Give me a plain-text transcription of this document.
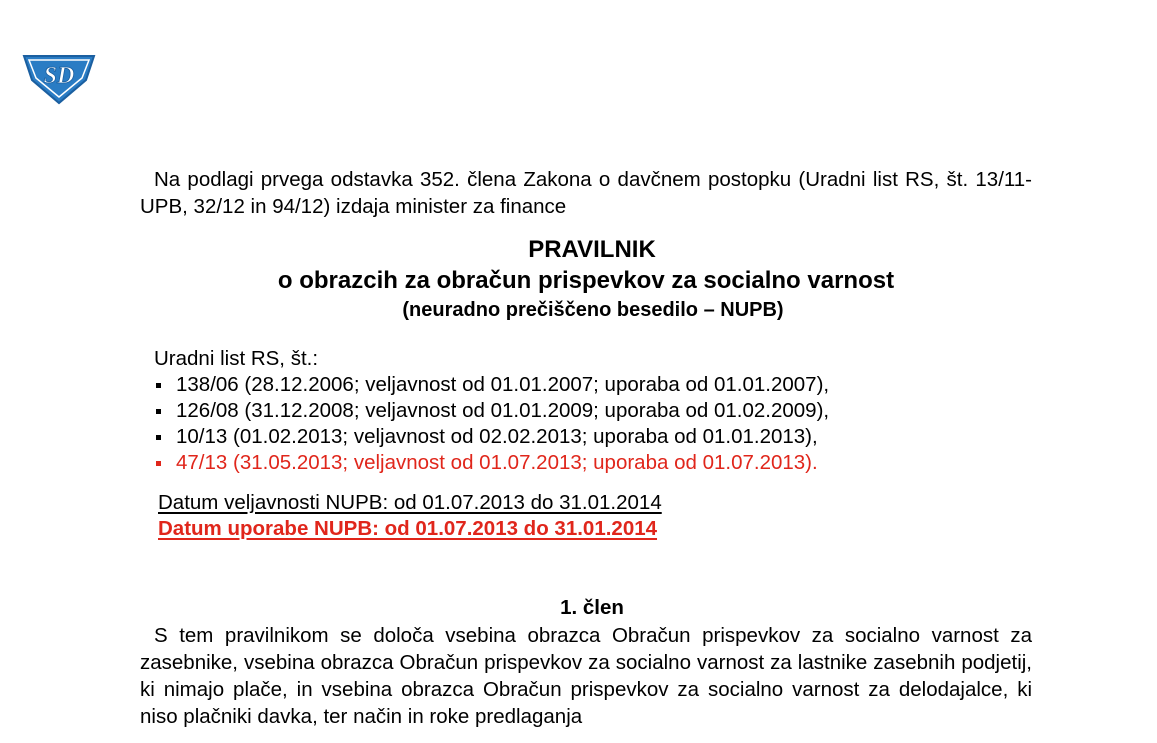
SD

Na podlagi prvega odstavka 352. člena Zakona o davčnem postopku (Uradni list RS, št. 13/11-UPB, 32/12 in 94/12) izdaja minister za finance

PRAVILNIK
o obrazcih za obračun prispevkov za socialno varnost
(neuradno prečiščeno besedilo – NUPB)
Uradni list RS, št.:
138/06 (28.12.2006; veljavnost od 01.01.2007; uporaba od 01.01.2007),
126/08 (31.12.2008; veljavnost od 01.01.2009; uporaba od 01.02.2009),
10/13 (01.02.2013; veljavnost od 02.02.2013; uporaba od 01.01.2013),
47/13 (31.05.2013; veljavnost od 01.07.2013; uporaba od 01.07.2013).
Datum veljavnosti NUPB: od 01.07.2013 do 31.01.2014
Datum uporabe NUPB: od 01.07.2013 do 31.01.2014
1. člen

S tem pravilnikom se določa vsebina obrazca Obračun prispevkov za socialno varnost za zasebnike, vsebina obrazca Obračun prispevkov za socialno varnost za lastnike zasebnih podjetij, ki nimajo plače, in vsebina obrazca Obračun prispevkov za socialno varnost za delodajalce, ki niso plačniki davka, ter način in roke predlaganja
